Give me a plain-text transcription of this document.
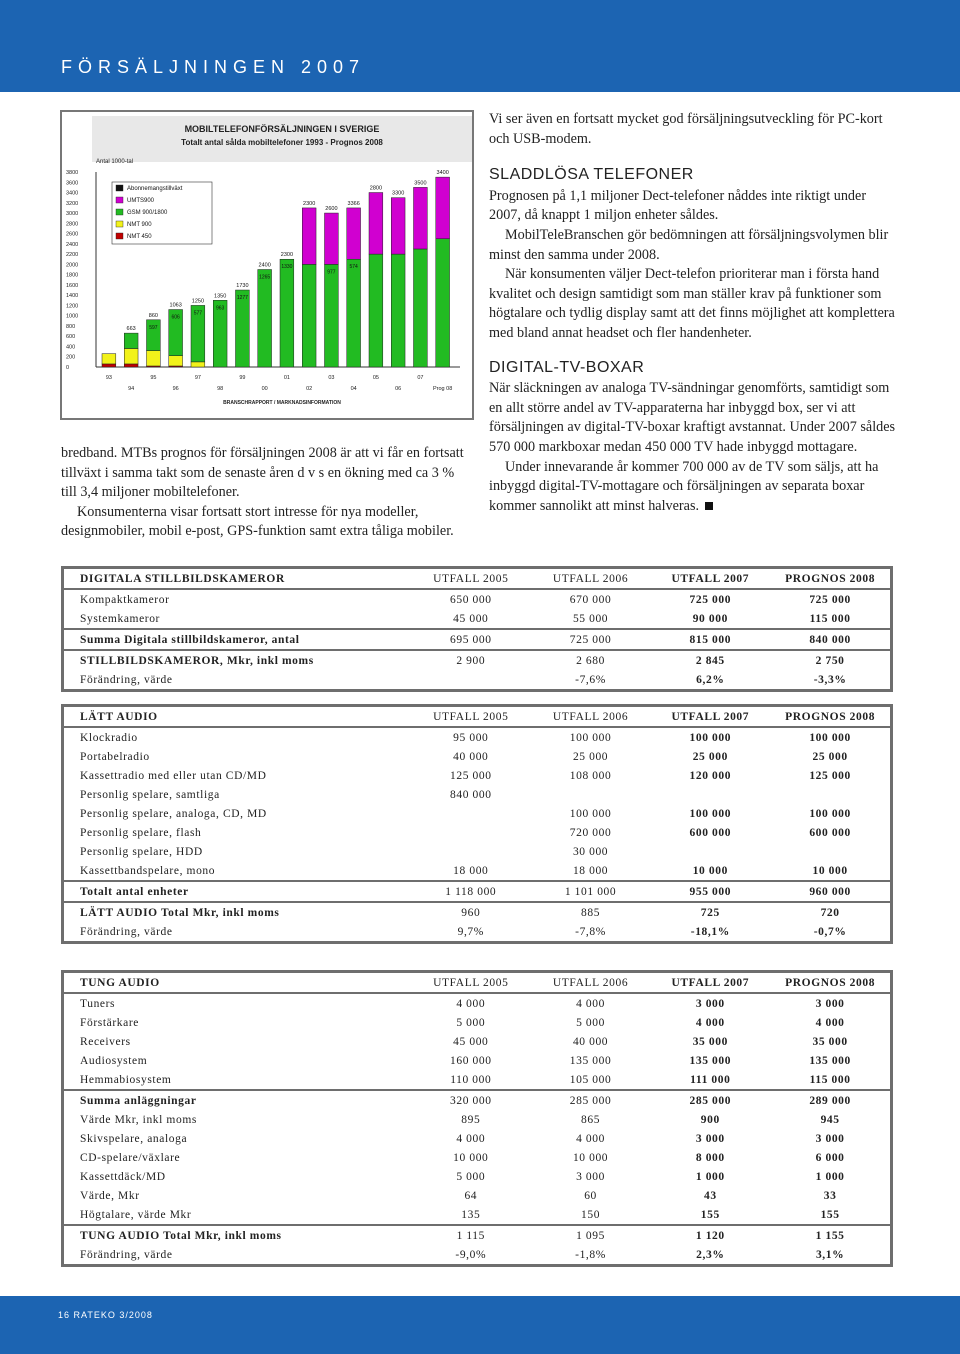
FÖRSÄLJNINGEN 2007
MOBILTELEFONFÖRSÄLJNINGEN I SVERIGE
Totalt antal sålda mobiltelefoner 1993 - Prognos 2008
Antal 1000-tal
3800
3600
3400
3200
3000
2800
2600
2400
2200
2000
1800
1600
1400
1200
1000
800
600
400
200
0
663
860
597
1063
606
1250
577
1350
963
1730
1277
2400
1265
2300
1330
2300
2600
977
3366
574
2800
3300
3500
3400
93	95	97	99	01	03	05	07
94	96	98	00	02	04	06	Prog 08
BRANSCHRAPPORT / MARKNADSINFORMATION
Abonnemangstillväxt
UMTS900
GSM 900/1800
NMT 900
NMT 450

Vi ser även en fortsatt mycket god försäljningsutveckling för PC-kort och USB-modem.

SLADDLÖSA TELEFONER

Prognosen på 1,1 miljoner Dect-telefoner nåddes inte riktigt under 2007, då knappt 1 miljon enheter såldes.

MobilTeleBranschen gör bedömningen att försäljningsvolymen blir minst den samma under 2008.

När konsumenten väljer Dect-telefon prioriterar man i första hand kvalitet och design samtidigt som man ställer krav på funktioner som högtalare och tydlig display samt att det finns möjlighet att komplettera med bland annat headset och fler handenheter.

DIGITAL-TV-BOXAR

När släckningen av analoga TV-sändningar genomförts, samtidigt som en allt större andel av TV-apparaterna har inbyggd box, ser vi att försäljningen av digital-TV-boxar kraftigt avstannat. Under 2007 såldes 570 000 markboxar medan 450 000 TV hade inbyggd mottagare.

Under innevarande år kommer 700 000 av de TV som säljs, att ha inbyggd digital-TV-mottagare och försäljningen av separata boxar kommer sannolikt att minst halveras.

bredband. MTBs prognos för försäljningen 2008 är att vi får en fortsatt tillväxt i samma takt som de senaste åren d v s en ökning med ca 3 % till 3,4 miljoner mobiltelefoner.

Konsumenterna visar fortsatt stort intresse för nya modeller, designmobiler, mobil e-post, GPS-funktion samt extra tåliga mobiler.

DIGITALA STILLBILDSKAMEROR	UTFALL 2005	UTFALL 2006	UTFALL 2007	PROGNOS 2008
Kompaktkameror	650 000	670 000	725 000	725 000
Systemkameror	45 000	55 000	90 000	115 000
Summa Digitala stillbildskameror, antal	695 000	725 000	815 000	840 000
STILLBILDSKAMEROR, Mkr, inkl moms	2 900	2 680	2 845	2 750
Förändring, värde		-7,6%	6,2%	-3,3%
LÄTT AUDIO	UTFALL 2005	UTFALL 2006	UTFALL 2007	PROGNOS 2008
Klockradio	95 000	100 000	100 000	100 000
Portabelradio	40 000	25 000	25 000	25 000
Kassettradio med eller utan CD/MD	125 000	108 000	120 000	125 000
Personlig spelare, samtliga	840 000			
Personlig spelare, analoga, CD, MD		100 000	100 000	100 000
Personlig spelare, flash		720 000	600 000	600 000
Personlig spelare, HDD		30 000		
Kassettbandspelare, mono	18 000	18 000	10 000	10 000
Totalt antal enheter	1 118 000	1 101 000	955 000	960 000
LÄTT AUDIO Total Mkr, inkl moms	960	885	725	720
Förändring, värde	9,7%	-7,8%	-18,1%	-0,7%
TUNG AUDIO	UTFALL 2005	UTFALL 2006	UTFALL 2007	PROGNOS 2008
Tuners	4 000	4 000	3 000	3 000
Förstärkare	5 000	5 000	4 000	4 000
Receivers	45 000	40 000	35 000	35 000
Audiosystem	160 000	135 000	135 000	135 000
Hemmabiosystem	110 000	105 000	111 000	115 000
Summa anläggningar	320 000	285 000	285 000	289 000
Värde Mkr, inkl moms	895	865	900	945
Skivspelare, analoga	4 000	4 000	3 000	3 000
CD-spelare/växlare	10 000	10 000	8 000	6 000
Kassettdäck/MD	5 000	3 000	1 000	1 000
Värde, Mkr	64	60	43	33
Högtalare, värde Mkr	135	150	155	155
TUNG AUDIO Total Mkr, inkl moms	1 115	1 095	1 120	1 155
Förändring, värde	-9,0%	-1,8%	2,3%	3,1%
16 RATEKO 3/2008
